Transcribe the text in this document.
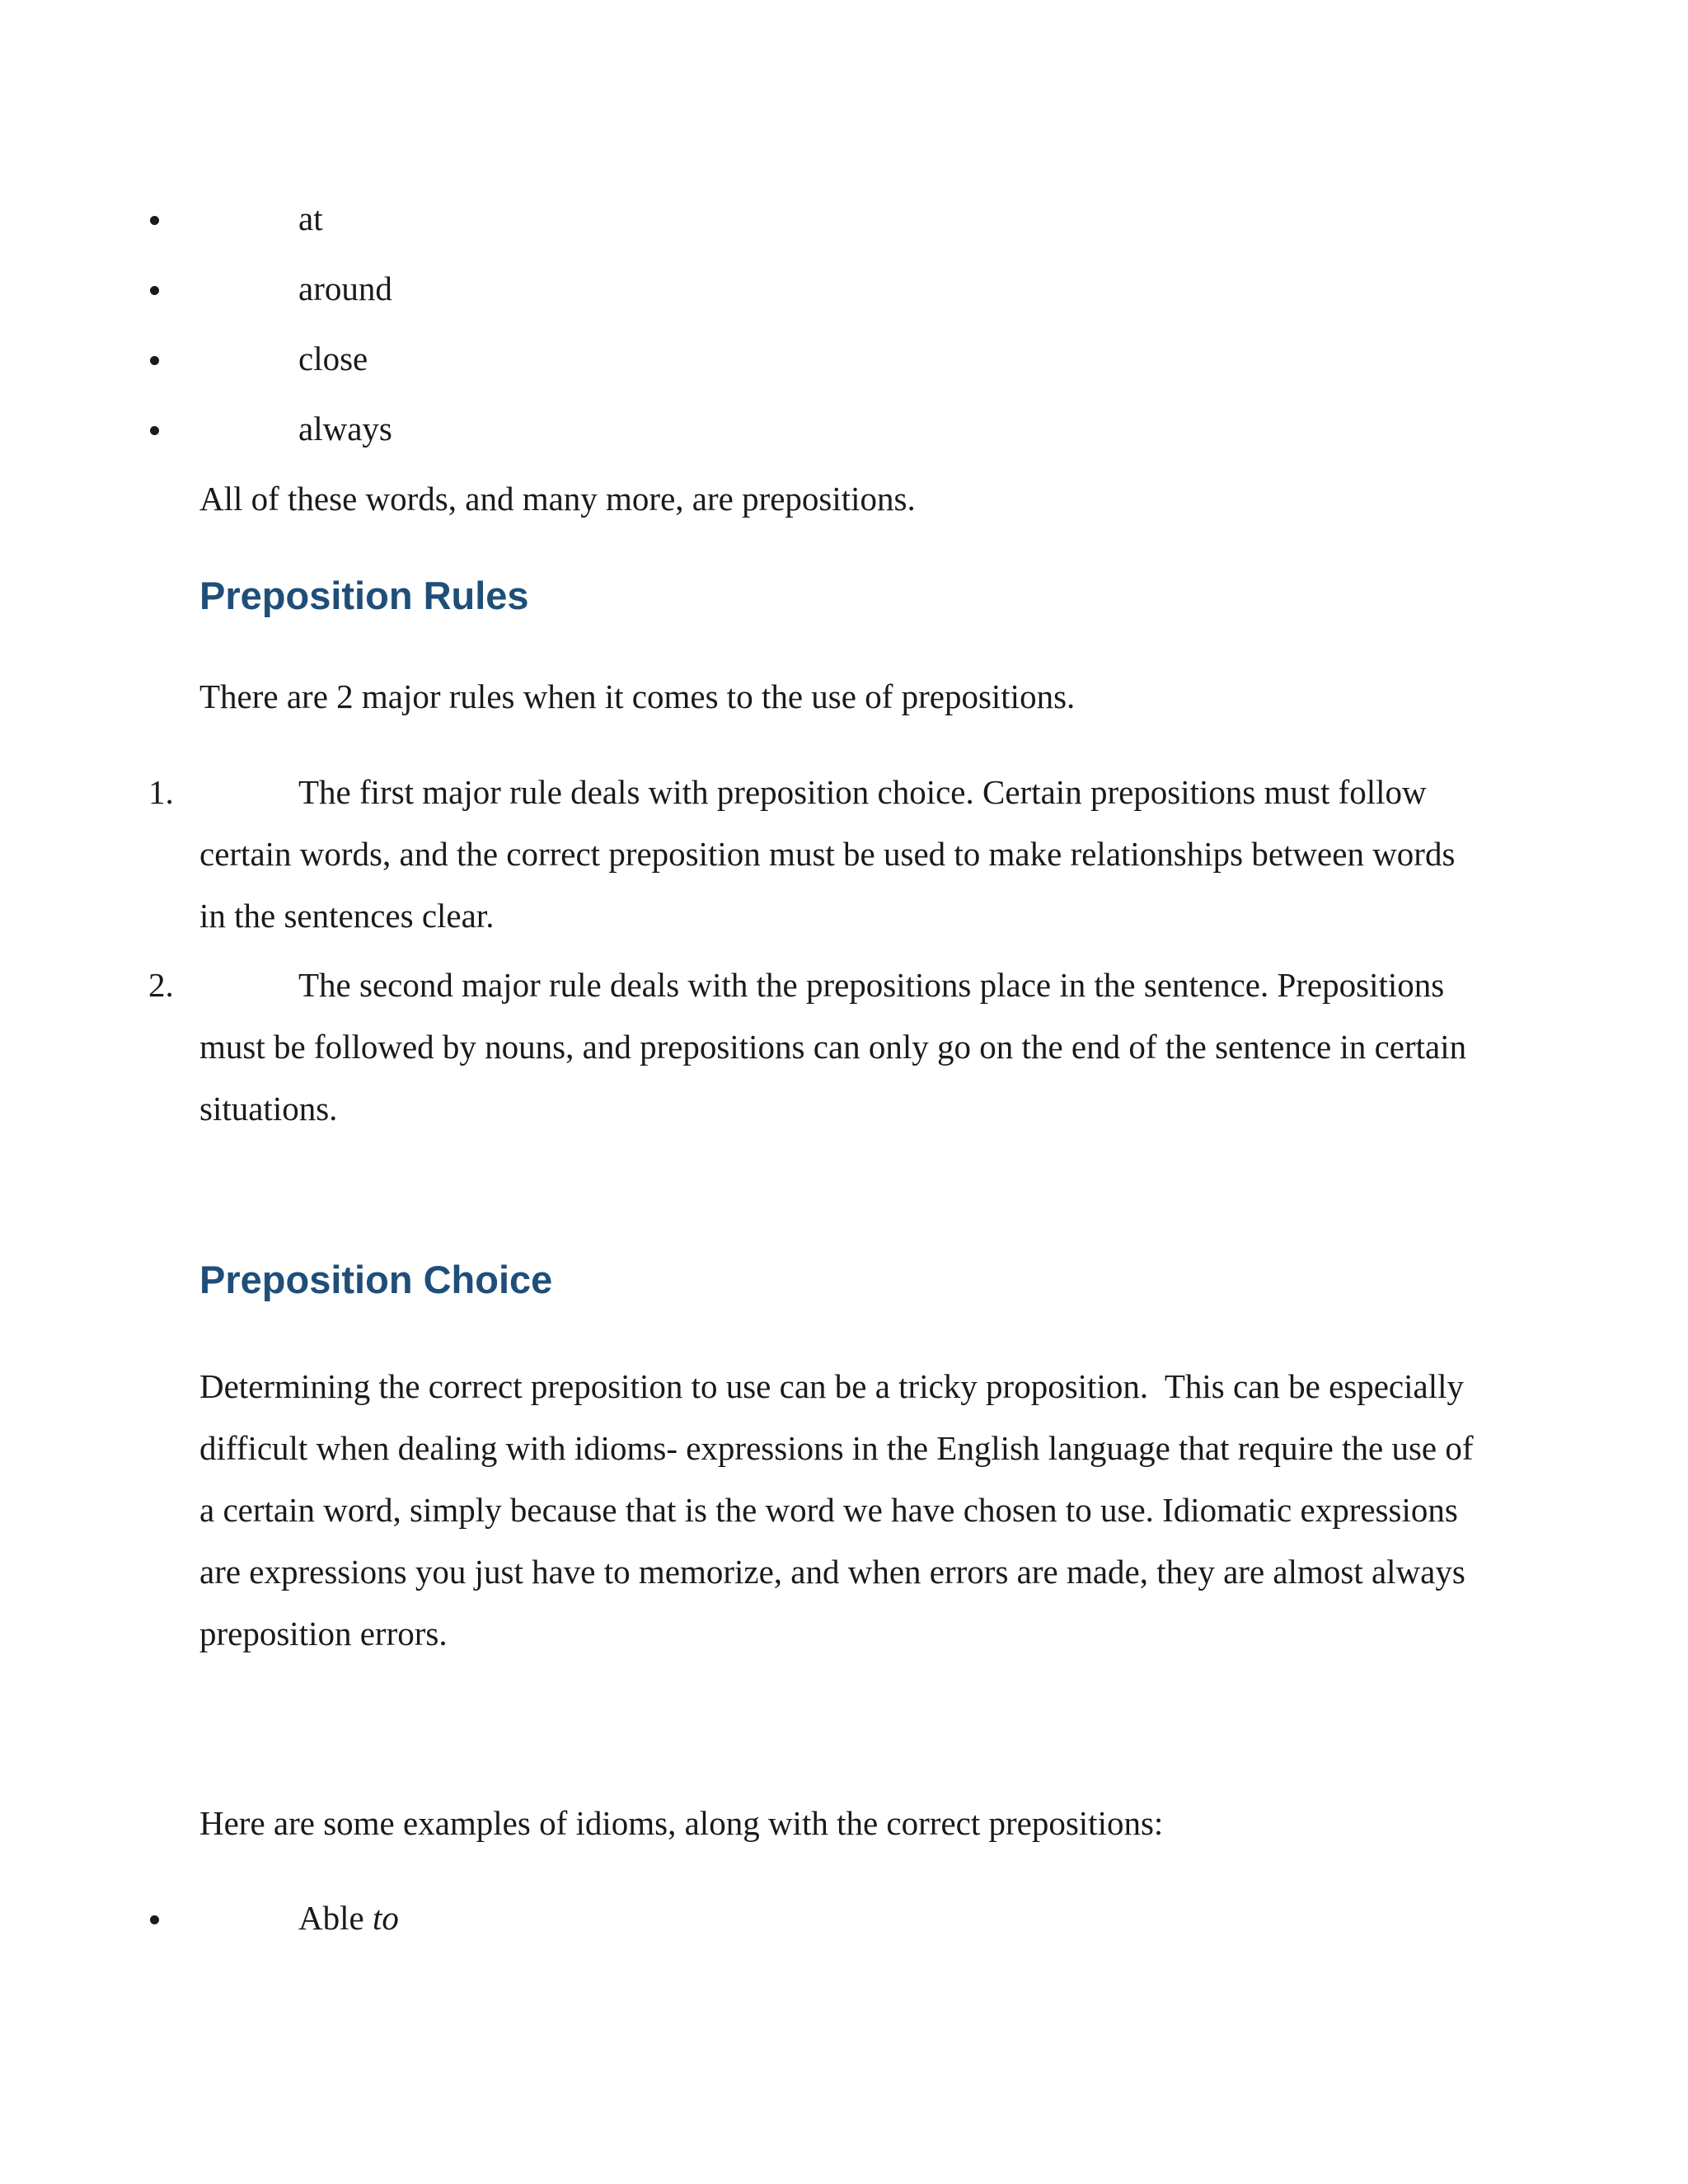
at
around
close
always
All of these words, and many more, are prepositions.
Preposition Rules
There are 2 major rules when it comes to the use of prepositions.
1.	The first major rule deals with preposition choice. Certain prepositions must follow certain words, and the correct preposition must be used to make relationships between words in the sentences clear.
2.	The second major rule deals with the prepositions place in the sentence. Prepositions must be followed by nouns, and prepositions can only go on the end of the sentence in certain situations.
Preposition Choice
Determining the correct preposition to use can be a tricky proposition.  This can be especially difficult when dealing with idioms- expressions in the English language that require the use of a certain word, simply because that is the word we have chosen to use. Idiomatic expressions are expressions you just have to memorize, and when errors are made, they are almost always preposition errors.
Here are some examples of idioms, along with the correct prepositions:
Able to
